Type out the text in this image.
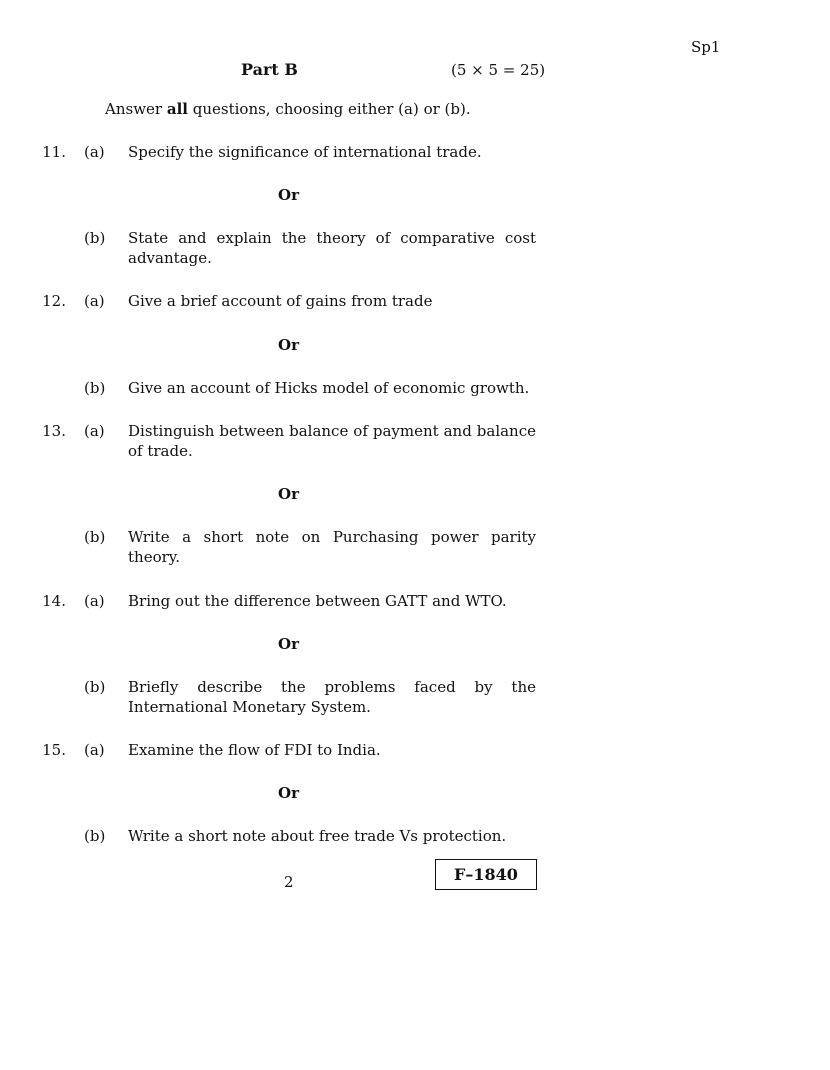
Sp1
Part B	(5 × 5 = 25)
Answer all questions, choosing either (a) or (b).
11. (a) Specify the significance of international trade.
Or
(b) State and explain the theory of comparative cost advantage.
12. (a) Give a brief account of gains from trade
Or
(b) Give an account of Hicks model of economic growth.
13. (a) Distinguish between balance of payment and balance of trade.
Or
(b) Write a short note on Purchasing power parity theory.
14. (a) Bring out the difference between GATT and WTO.
Or
(b) Briefly describe the problems faced by the International Monetary System.
15. (a) Examine the flow of FDI to India.
Or
(b) Write a short note about free trade Vs protection.
2	F–1840
